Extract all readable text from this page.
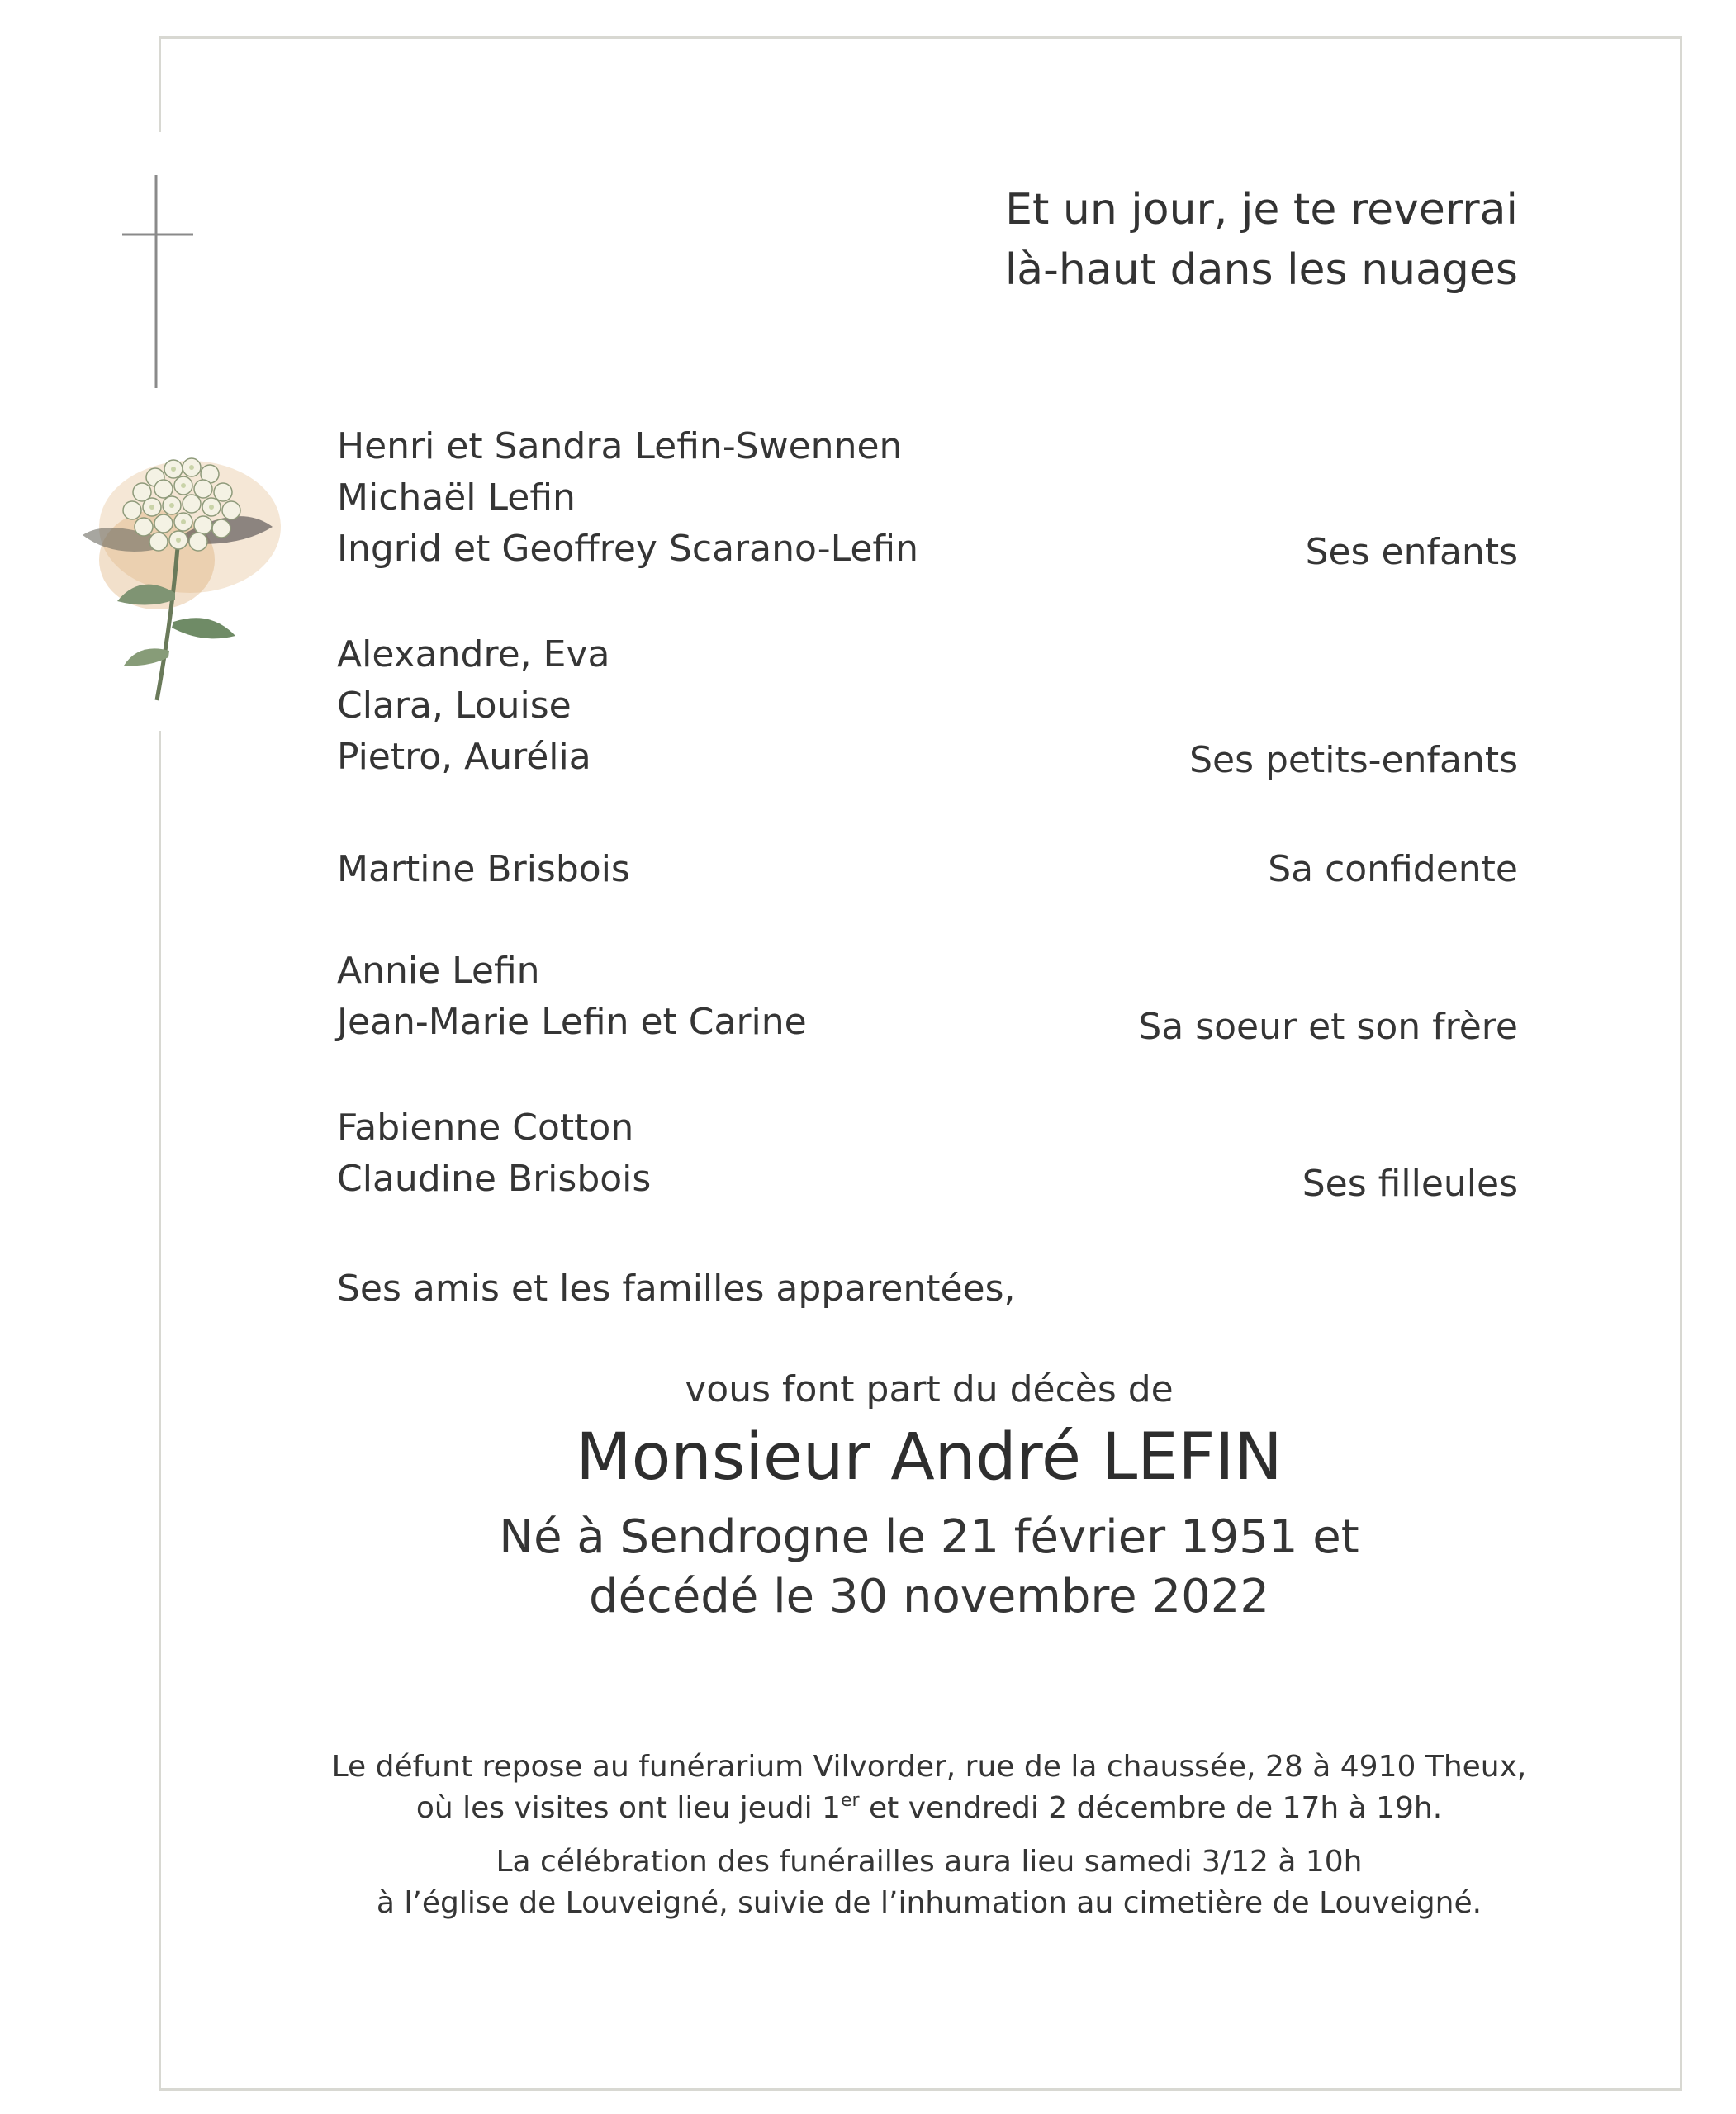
Et un jour, je te reverrai
là-haut dans les nuages
Henri et Sandra Lefin-Swennen
Michaël Lefin
Ingrid et Geoffrey Scarano-Lefin	Ses enfants
Alexandre, Eva
Clara, Louise
Pietro, Aurélia	Ses petits-enfants
Martine Brisbois	Sa confidente
Annie Lefin
Jean-Marie Lefin et Carine	Sa soeur et son frère
Fabienne Cotton
Claudine Brisbois	Ses filleules
Ses amis et les familles apparentées,
vous font part du décès de
Monsieur André LEFIN
Né à Sendrogne le 21 février 1951 et
décédé le 30 novembre 2022
Le défunt repose au funérarium Vilvorder, rue de la chaussée, 28 à 4910 Theux,
où les visites ont lieu jeudi 1er et vendredi 2 décembre de 17h à 19h.
La célébration des funérailles aura lieu samedi 3/12 à 10h
à l’église de Louveigné, suivie de l’inhumation au cimetière de Louveigné.
